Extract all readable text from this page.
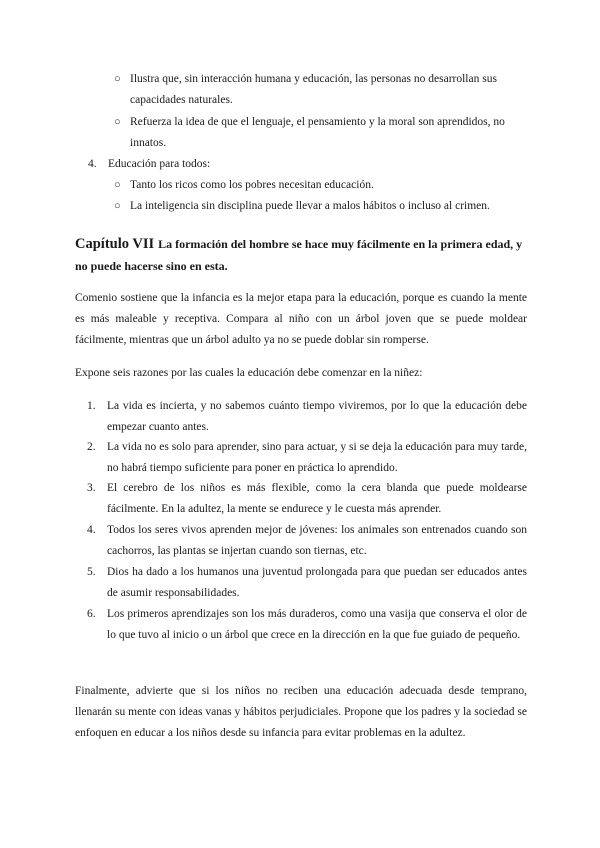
○ Ilustra que, sin interacción humana y educación, las personas no desarrollan sus capacidades naturales.
○ Refuerza la idea de que el lenguaje, el pensamiento y la moral son aprendidos, no innatos.
4. Educación para todos:
○ Tanto los ricos como los pobres necesitan educación.
○ La inteligencia sin disciplina puede llevar a malos hábitos o incluso al crimen.
Capítulo VII La formación del hombre se hace muy fácilmente en la primera edad, y no puede hacerse sino en esta.
Comenio sostiene que la infancia es la mejor etapa para la educación, porque es cuando la mente es más maleable y receptiva. Compara al niño con un árbol joven que se puede moldear fácilmente, mientras que un árbol adulto ya no se puede doblar sin romperse.
Expone seis razones por las cuales la educación debe comenzar en la niñez:
1. La vida es incierta, y no sabemos cuánto tiempo viviremos, por lo que la educación debe empezar cuanto antes.
2. La vida no es solo para aprender, sino para actuar, y si se deja la educación para muy tarde, no habrá tiempo suficiente para poner en práctica lo aprendido.
3. El cerebro de los niños es más flexible, como la cera blanda que puede moldearse fácilmente. En la adultez, la mente se endurece y le cuesta más aprender.
4. Todos los seres vivos aprenden mejor de jóvenes: los animales son entrenados cuando son cachorros, las plantas se injertan cuando son tiernas, etc.
5. Dios ha dado a los humanos una juventud prolongada para que puedan ser educados antes de asumir responsabilidades.
6. Los primeros aprendizajes son los más duraderos, como una vasija que conserva el olor de lo que tuvo al inicio o un árbol que crece en la dirección en la que fue guiado de pequeño.
Finalmente, advierte que si los niños no reciben una educación adecuada desde temprano, llenarán su mente con ideas vanas y hábitos perjudiciales. Propone que los padres y la sociedad se enfoquen en educar a los niños desde su infancia para evitar problemas en la adultez.
